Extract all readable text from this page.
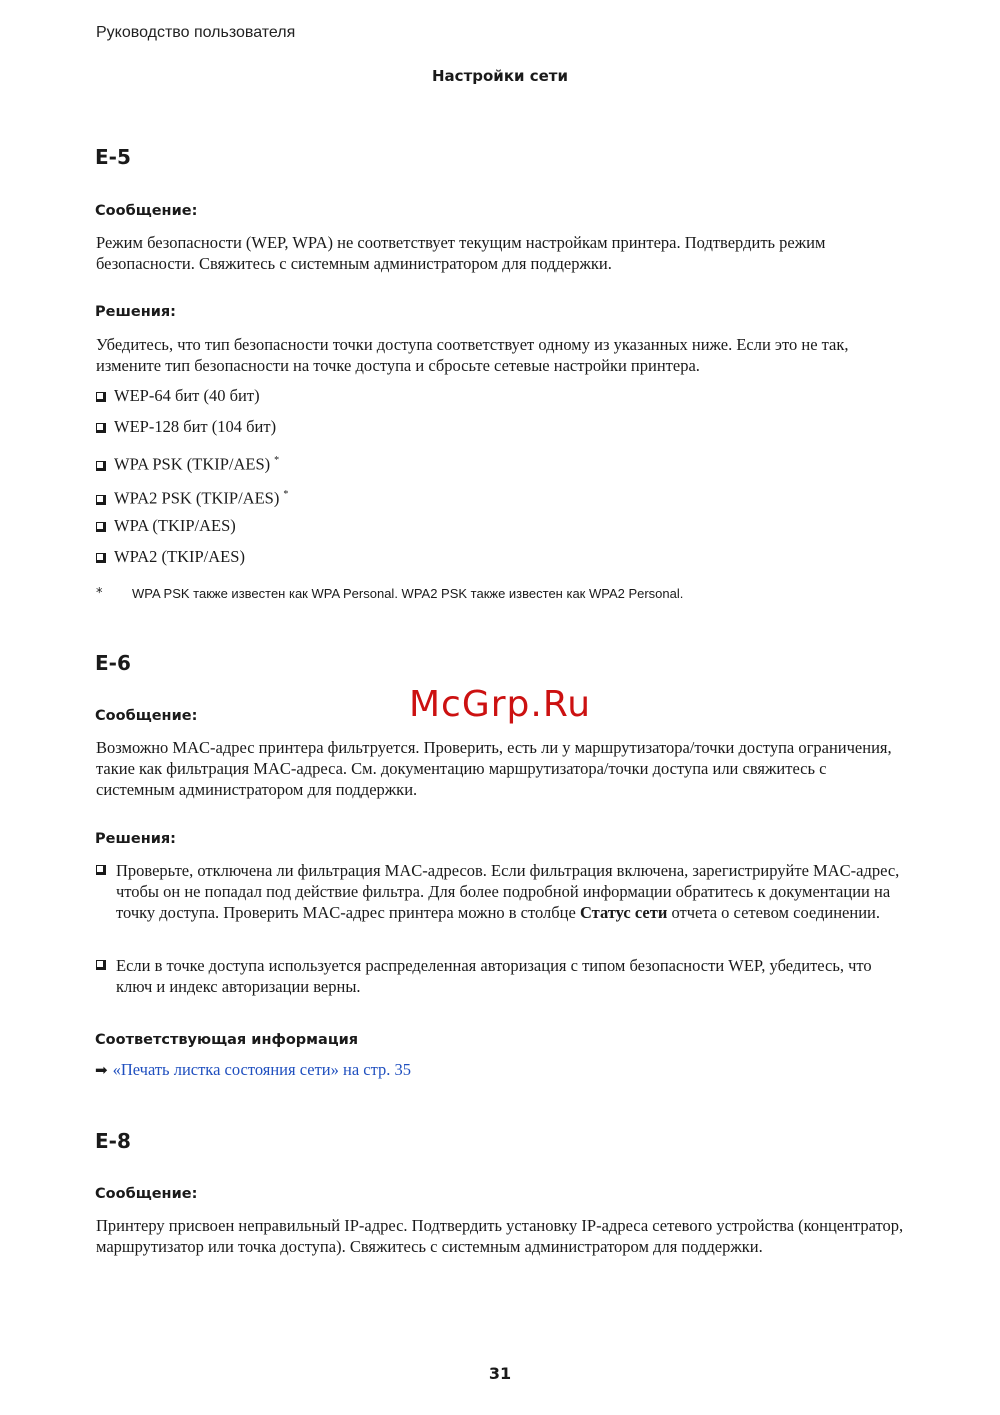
Руководство пользователя
Настройки сети
E-5
Сообщение:
Режим безопасности (WEP, WPA) не соответствует текущим настройкам принтера. Подтвердить режим безопасности. Свяжитесь с системным администратором для поддержки.
Решения:
Убедитесь, что тип безопасности точки доступа соответствует одному из указанных ниже. Если это не так, измените тип безопасности на точке доступа и сбросьте сетевые настройки принтера.
WEP-64 бит (40 бит)
WEP-128 бит (104 бит)
WPA PSK (TKIP/AES) *
WPA2 PSK (TKIP/AES) *
WPA (TKIP/AES)
WPA2 (TKIP/AES)
* WPA PSK также известен как WPA Personal. WPA2 PSK также известен как WPA2 Personal.
E-6
McGrp.Ru
Сообщение:
Возможно MAC-адрес принтера фильтруется. Проверить, есть ли у маршрутизатора/точки доступа ограничения, такие как фильтрация MAC-адреса. См. документацию маршрутизатора/точки доступа или свяжитесь с системным администратором для поддержки.
Решения:
Проверьте, отключена ли фильтрация MAC-адресов. Если фильтрация включена, зарегистрируйте MAC-адрес, чтобы он не попадал под действие фильтра. Для более подробной информации обратитесь к документации на точку доступа. Проверить MAC-адрес принтера можно в столбце Статус сети отчета о сетевом соединении.
Если в точке доступа используется распределенная авторизация с типом безопасности WEP, убедитесь, что ключ и индекс авторизации верны.
Соответствующая информация
➡ «Печать листка состояния сети» на стр. 35
E-8
Сообщение:
Принтеру присвоен неправильный IP-адрес. Подтвердить установку IP-адреса сетевого устройства (концентратор, маршрутизатор или точка доступа). Свяжитесь с системным администратором для поддержки.
31
